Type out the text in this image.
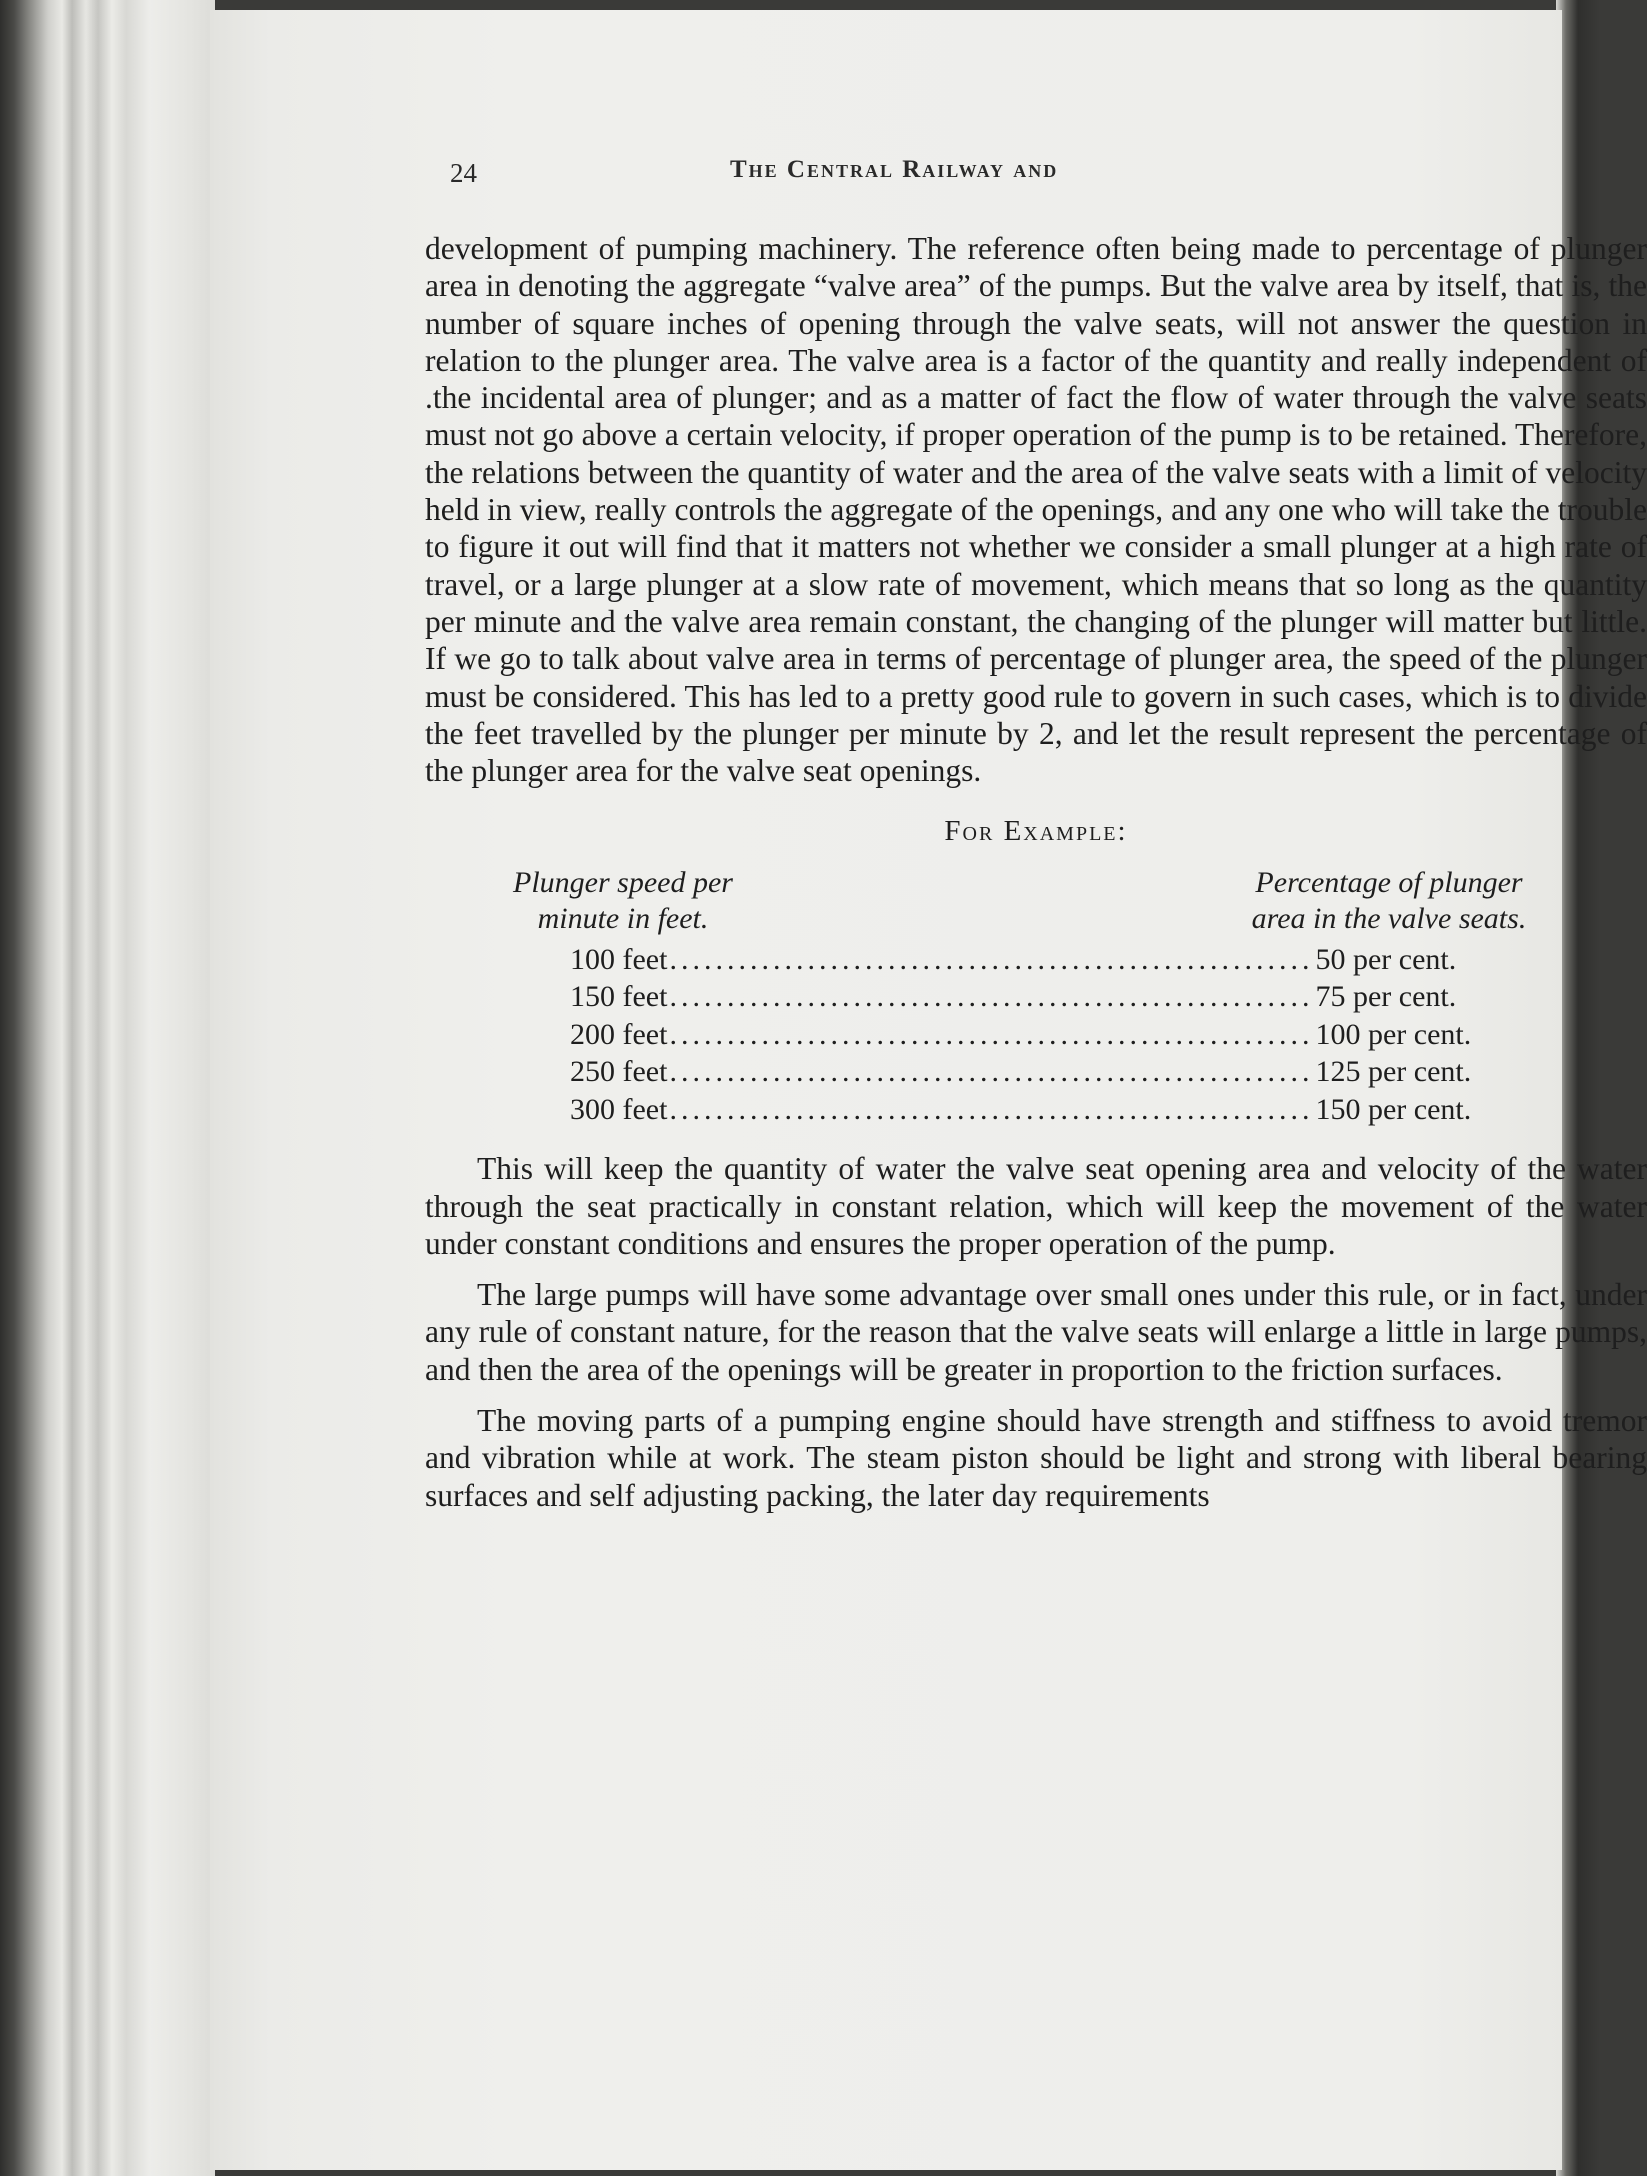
24	The Central Railway and

development of pumping machinery. The reference often being made to percentage of plunger area in denoting the aggregate “valve area” of the pumps. But the valve area by itself, that is, the number of square inches of opening through the valve seats, will not answer the question in relation to the plunger area. The valve area is a factor of the quantity and really independent of .the incidental area of plunger; and as a matter of fact the flow of water through the valve seats must not go above a certain velocity, if proper operation of the pump is to be retained. Therefore, the relations between the quantity of water and the area of the valve seats with a limit of velocity held in view, really controls the aggregate of the openings, and any one who will take the trouble to figure it out will find that it matters not whether we consider a small plunger at a high rate of travel, or a large plunger at a slow rate of movement, which means that so long as the quantity per minute and the valve area remain constant, the changing of the plunger will matter but little. If we go to talk about valve area in terms of percentage of plunger area, the speed of the plunger must be considered. This has led to a pretty good rule to govern in such cases, which is to divide the feet travelled by the plunger per minute by 2, and let the result represent the percentage of the plunger area for the valve seat openings.

For Example:
Plunger speed per
minute in feet.
Percentage of plunger
area in the valve seats.
100 feet ........................................................ 50 per cent.
150 feet ........................................................ 75 per cent.
200 feet ........................................................ 100 per cent.
250 feet ........................................................ 125 per cent.
300 feet ........................................................ 150 per cent.

This will keep the quantity of water the valve seat opening area and velocity of the water through the seat practically in constant relation, which will keep the movement of the water under constant conditions and ensures the proper operation of the pump.

The large pumps will have some advantage over small ones under this rule, or in fact, under any rule of constant nature, for the reason that the valve seats will enlarge a little in large pumps, and then the area of the openings will be greater in proportion to the friction surfaces.

The moving parts of a pumping engine should have strength and stiffness to avoid tremor and vibration while at work. The steam piston should be light and strong with liberal bearing surfaces and self adjusting packing, the later day requirements
